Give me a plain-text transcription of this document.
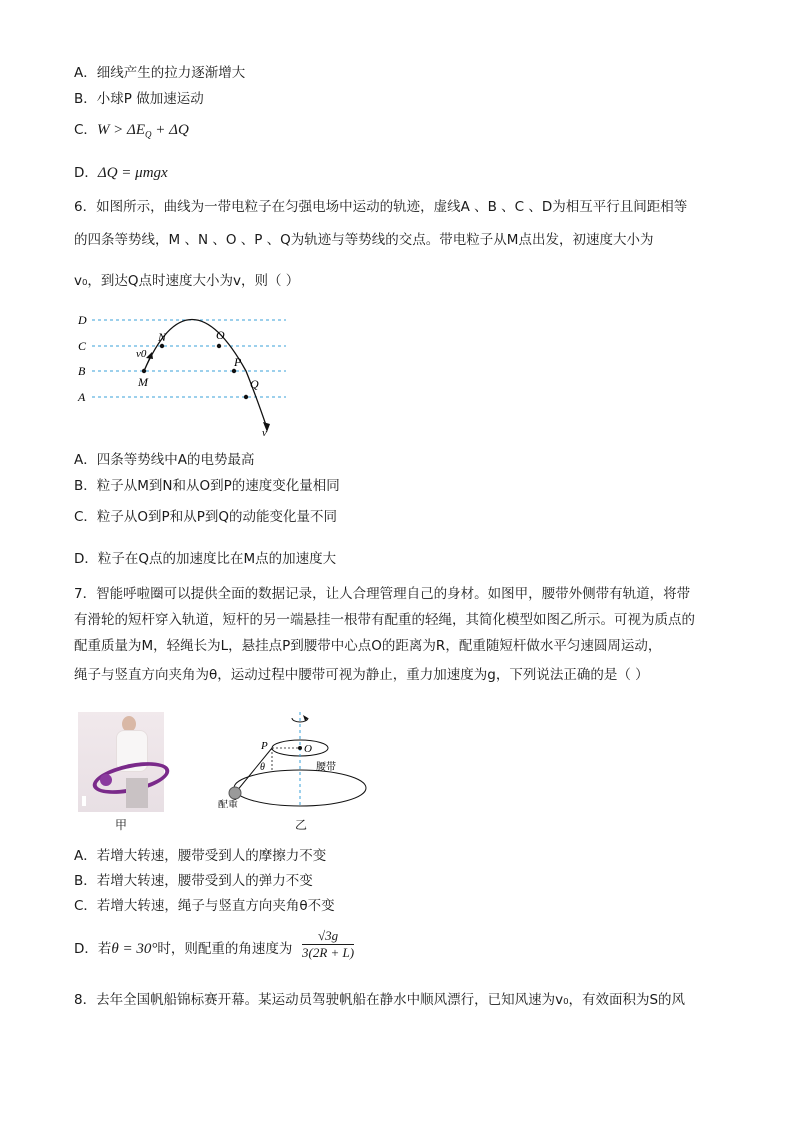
A．细线产生的拉力逐渐增大
B．小球P 做加速运动
C．$W > \Delta E_Q + \Delta Q$
D．ΔQ = μmgx
6．如图所示，曲线为一带电粒子在匀强电场中运动的轨迹，虚线A 、B 、C 、D为相互平行且间距相等
的四条等势线，M 、N 、O 、P 、Q为轨迹与等势线的交点。带电粒子从M点出发，初速度大小为
v₀，到达Q点时速度大小为v，则（ ）
D
C
B
A
N	O
P
Q
M
v0
v
A．四条等势线中A的电势最高
B．粒子从M到N和从O到P的速度变化量相同
C．粒子从O到P和从P到Q的动能变化量不同
D．粒子在Q点的加速度比在M点的加速度大
7．智能呼啦圈可以提供全面的数据记录，让人合理管理自己的身材。如图甲，腰带外侧带有轨道，将带
有滑轮的短杆穿入轨道，短杆的另一端悬挂一根带有配重的轻绳，其简化模型如图乙所示。可视为质点的
配重质量为M，轻绳长为L，悬挂点P到腰带中心点O的距离为R，配重随短杆做水平匀速圆周运动，
绳子与竖直方向夹角为θ，运动过程中腰带可视为静止，重力加速度为g，下列说法正确的是（ ）
甲
P	O
θ	腰带
配重
乙
A．若增大转速，腰带受到人的摩擦力不变
B．若增大转速，腰带受到人的弹力不变
C．若增大转速，绳子与竖直方向夹角θ不变
D．若θ = 30°时，则配重的角速度为 $\frac{√3g}{3(2R + L)}$
8．去年全国帆船锦标赛开幕。某运动员驾驶帆船在静水中顺风漂行，已知风速为v₀，有效面积为S的风
